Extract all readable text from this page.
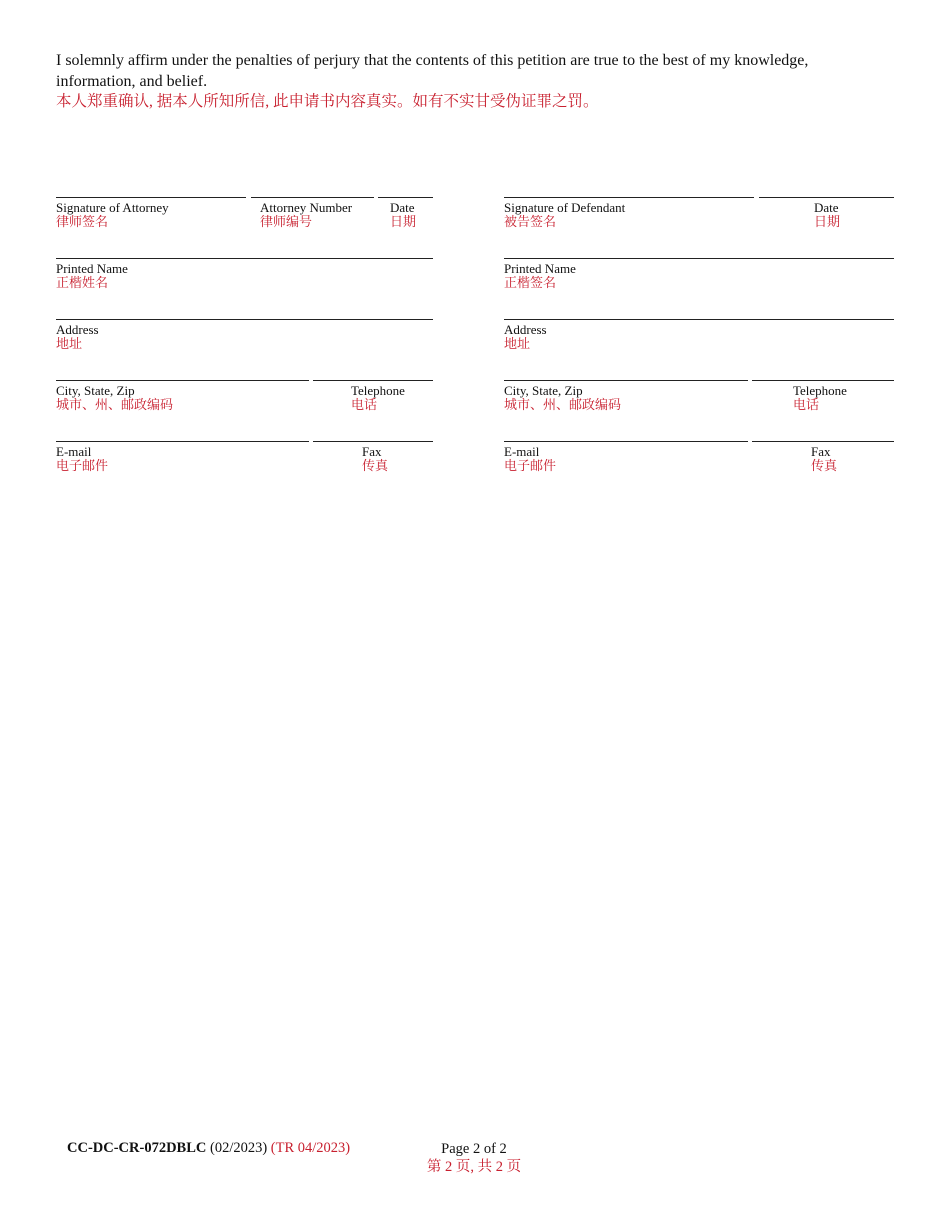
I solemnly affirm under the penalties of perjury that the contents of this petition are true to the best of my knowledge, information, and belief.
本人郑重确认, 据本人所知所信, 此申请书内容真实。如有不实甘受伪证罪之罚。
Signature of Attorney
律师签名
Attorney Number
律师编号
Date
日期
Printed Name
正楷姓名
Address
地址
City, State, Zip
城市、州、邮政编码
Telephone
电话
E-mail
电子邮件
Fax
传真
Signature of Defendant
被告签名
Date
日期
Printed Name
正楷签名
Address
地址
City, State, Zip
城市、州、邮政编码
Telephone
电话
E-mail
电子邮件
Fax
传真
CC-DC-CR-072DBLC (02/2023) (TR 04/2023)	Page 2 of 2
第 2 页, 共 2 页
